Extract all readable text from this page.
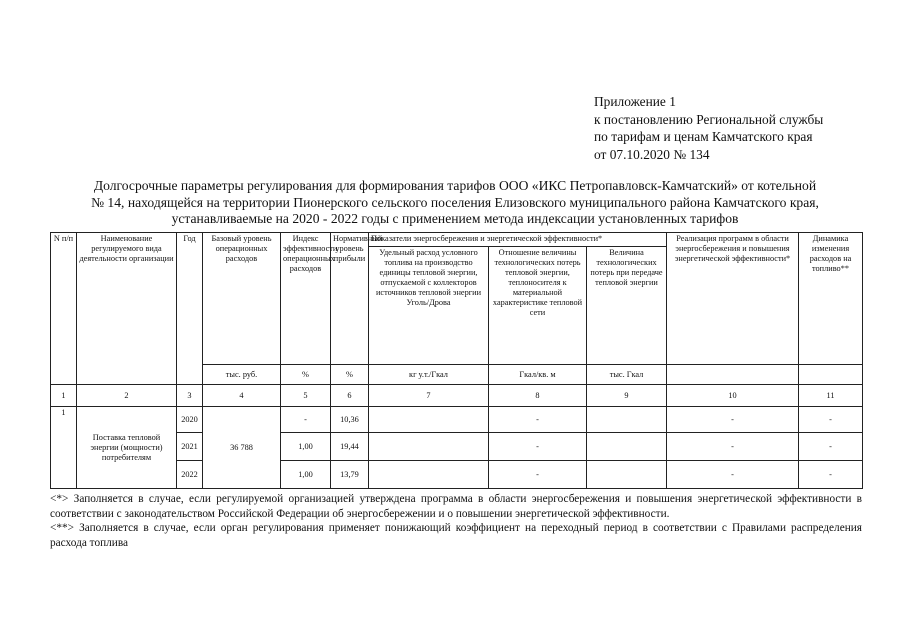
Приложение 1
к постановлению Региональной службы
по тарифам и ценам Камчатского края
от 07.10.2020 № 134
Долгосрочные параметры регулирования для формирования тарифов ООО «ИКС Петропавловск-Камчатский» от котельной
№ 14, находящейся на территории Пионерского сельского поселения Елизовского муниципального района Камчатского края,
устанавливаемые на 2020 - 2022 годы с применением метода индексации установленных тарифов
N п/п	Наименование регулируемого вида деятельности организации	Год	Базовый уровень операционных расходов	Индекс эффективности операционных расходов	Нормативный уровень прибыли	Показатели энергосбережения и энергетической эффективности*			Реализация программ в области энергосбережения и повышения энергетической эффективности*	Динамика изменения расходов на топливо**
						Удельный расход условного топлива на производство единицы тепловой энергии, отпускаемой с коллекторов источников тепловой энергии Уголь/Дрова	Отношение величины технологических потерь тепловой энергии, теплоносителя к материальной характеристике тепловой сети	Величина технологических потерь при передаче тепловой энергии		
			тыс. руб.	%	%	кг у.т./Гкал	Гкал/кв. м	тыс. Гкал		
1	2	3	4	5	6	7	8	9	10	11
1	Поставка тепловой энергии (мощности) потребителям	2020	36 788	-	10,36		-		-	-
		2021		1,00	19,44		-		-	-
		2022		1,00	13,79		-		-	-

<*> Заполняется в случае, если регулируемой организацией утверждена программа в области энергосбережения и повышения энергетической эффективности в соответствии с законодательством Российской Федерации об энергосбережении и о повышении энергетической эффективности.

<**> Заполняется в случае, если орган регулирования применяет понижающий коэффициент на переходный период в соответствии с Правилами распределения расхода топлива
